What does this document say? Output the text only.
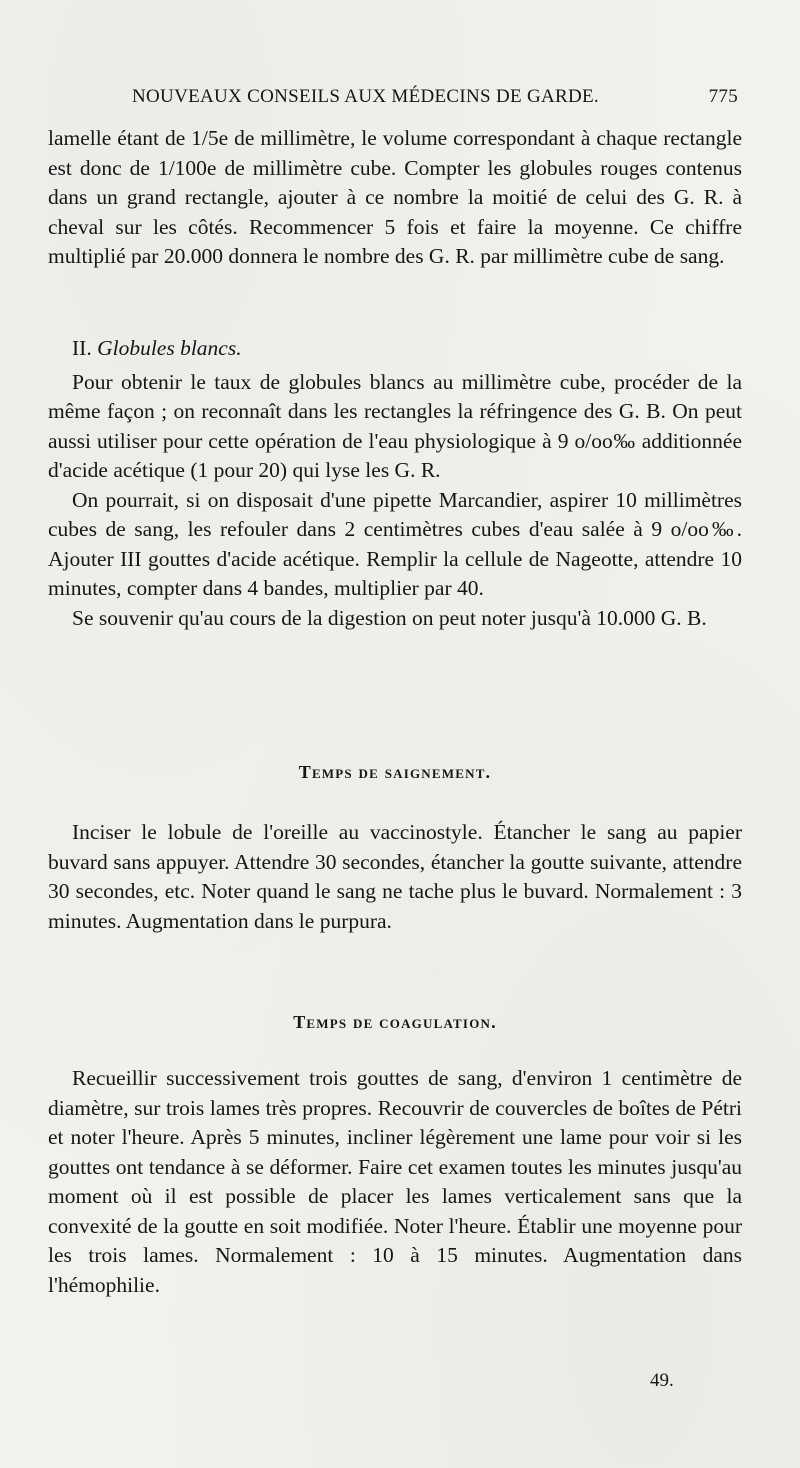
NOUVEAUX CONSEILS AUX MÉDECINS DE GARDE.	775

lamelle étant de 1/5e de millimètre, le volume correspondant à chaque rectangle est donc de 1/100e de millimètre cube. Compter les globules rouges contenus dans un grand rectangle, ajouter à ce nombre la moitié de celui des G. R. à cheval sur les côtés. Recommencer 5 fois et faire la moyenne. Ce chiffre multiplié par 20.000 donnera le nombre des G. R. par millimètre cube de sang.

II. Globules blancs.

Pour obtenir le taux de globules blancs au millimètre cube, procéder de la même façon ; on reconnaît dans les rectangles la réfringence des G. B. On peut aussi utiliser pour cette opération de l'eau physiologique à 9 o/oo‰ additionnée d'acide acétique (1 pour 20) qui lyse les G. R.

On pourrait, si on disposait d'une pipette Marcandier, aspirer 10 millimètres cubes de sang, les refouler dans 2 centimètres cubes d'eau salée à 9 o/oo‰. Ajouter III gouttes d'acide acétique. Remplir la cellule de Nageotte, attendre 10 minutes, compter dans 4 bandes, multiplier par 40.

Se souvenir qu'au cours de la digestion on peut noter jusqu'à 10.000 G. B.

Temps de saignement.

Inciser le lobule de l'oreille au vaccinostyle. Étancher le sang au papier buvard sans appuyer. Attendre 30 secondes, étancher la goutte suivante, attendre 30 secondes, etc. Noter quand le sang ne tache plus le buvard. Normalement : 3 minutes. Augmentation dans le purpura.

Temps de coagulation.

Recueillir successivement trois gouttes de sang, d'environ 1 centimètre de diamètre, sur trois lames très propres. Recouvrir de couvercles de boîtes de Pétri et noter l'heure. Après 5 minutes, incliner légèrement une lame pour voir si les gouttes ont tendance à se déformer. Faire cet examen toutes les minutes jusqu'au moment où il est possible de placer les lames verticalement sans que la convexité de la goutte en soit modifiée. Noter l'heure. Établir une moyenne pour les trois lames. Normalement : 10 à 15 minutes. Augmentation dans l'hémophilie.

49.
